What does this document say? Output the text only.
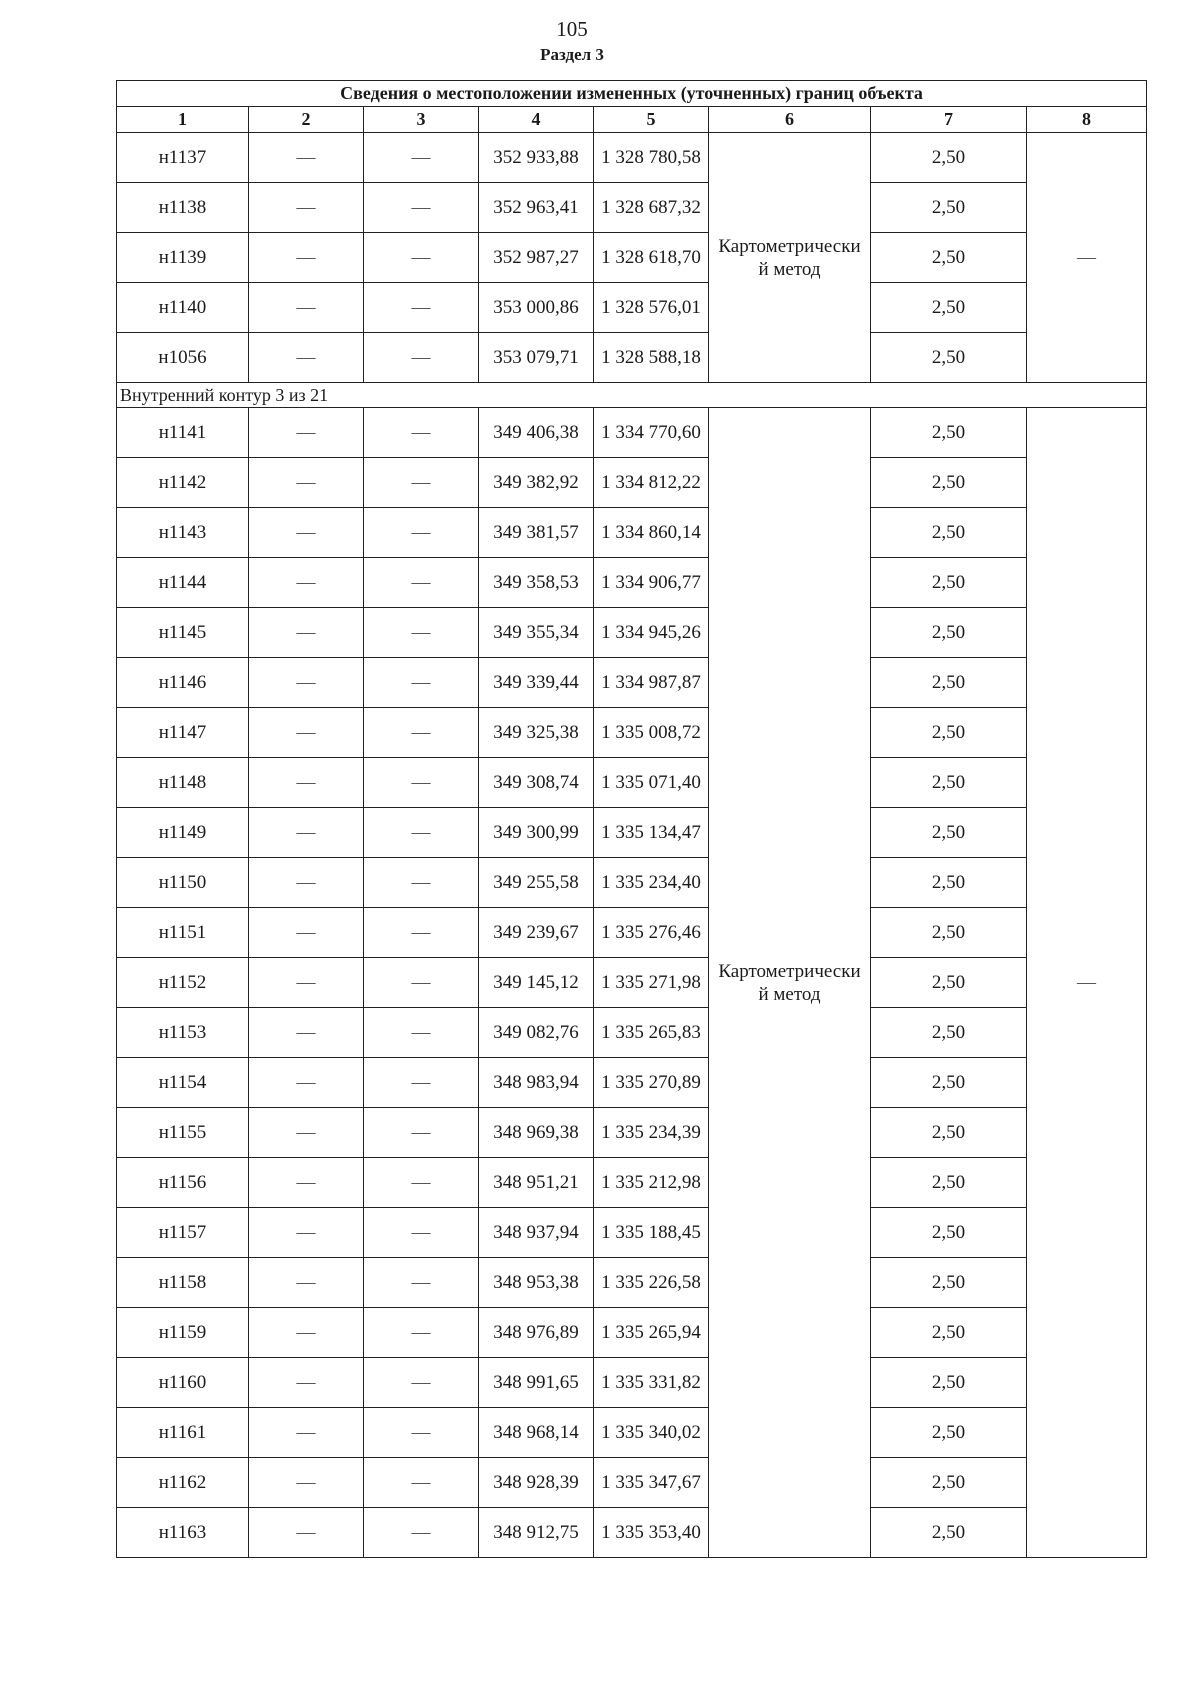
105
Раздел 3
Сведения о местоположении измененных (уточненных) границ объекта							
1	2	3	4	5	6	7	8
н1137	—	—	352 933,88	1 328 780,58	Картометрический метод	2,50	—
н1138	—	—	352 963,41	1 328 687,32		2,50	
н1139	—	—	352 987,27	1 328 618,70		2,50	
н1140	—	—	353 000,86	1 328 576,01		2,50	
н1056	—	—	353 079,71	1 328 588,18		2,50	
Внутренний контур 3 из 21							
н1141	—	—	349 406,38	1 334 770,60	Картометрический метод	2,50	—
н1142	—	—	349 382,92	1 334 812,22		2,50	
н1143	—	—	349 381,57	1 334 860,14		2,50	
н1144	—	—	349 358,53	1 334 906,77		2,50	
н1145	—	—	349 355,34	1 334 945,26		2,50	
н1146	—	—	349 339,44	1 334 987,87		2,50	
н1147	—	—	349 325,38	1 335 008,72		2,50	
н1148	—	—	349 308,74	1 335 071,40		2,50	
н1149	—	—	349 300,99	1 335 134,47		2,50	
н1150	—	—	349 255,58	1 335 234,40		2,50	
н1151	—	—	349 239,67	1 335 276,46		2,50	
н1152	—	—	349 145,12	1 335 271,98		2,50	
н1153	—	—	349 082,76	1 335 265,83		2,50	
н1154	—	—	348 983,94	1 335 270,89		2,50	
н1155	—	—	348 969,38	1 335 234,39		2,50	
н1156	—	—	348 951,21	1 335 212,98		2,50	
н1157	—	—	348 937,94	1 335 188,45		2,50	
н1158	—	—	348 953,38	1 335 226,58		2,50	
н1159	—	—	348 976,89	1 335 265,94		2,50	
н1160	—	—	348 991,65	1 335 331,82		2,50	
н1161	—	—	348 968,14	1 335 340,02		2,50	
н1162	—	—	348 928,39	1 335 347,67		2,50	
н1163	—	—	348 912,75	1 335 353,40		2,50	
